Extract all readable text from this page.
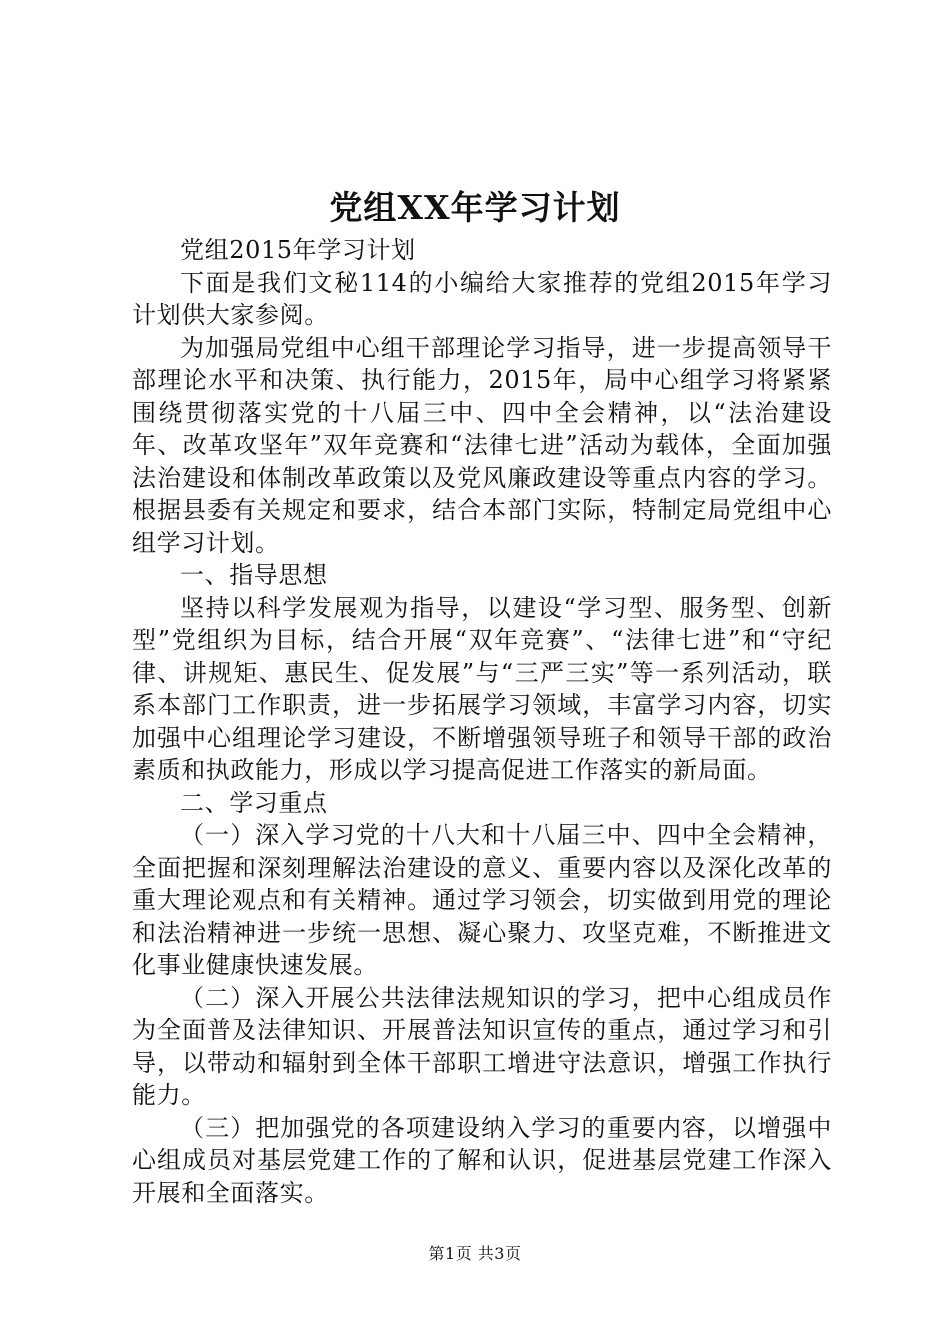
党组XX年学习计划

党组2015年学习计划

下面是我们文秘114的小编给大家推荐的党组2015年学习计划供大家参阅。

为加强局党组中心组干部理论学习指导，进一步提高领导干部理论水平和决策、执行能力，2015年，局中心组学习将紧紧围绕贯彻落实党的十八届三中、四中全会精神，以“法治建设年、改革攻坚年”双年竞赛和“法律七进”活动为载体，全面加强法治建设和体制改革政策以及党风廉政建设等重点内容的学习。根据县委有关规定和要求，结合本部门实际，特制定局党组中心组学习计划。

一、指导思想

坚持以科学发展观为指导，以建设“学习型、服务型、创新型”党组织为目标，结合开展“双年竞赛”、“法律七进”和“守纪律、讲规矩、惠民生、促发展”与“三严三实”等一系列活动，联系本部门工作职责，进一步拓展学习领域，丰富学习内容，切实加强中心组理论学习建设，不断增强领导班子和领导干部的政治素质和执政能力，形成以学习提高促进工作落实的新局面。

二、学习重点

（一）深入学习党的十八大和十八届三中、四中全会精神，全面把握和深刻理解法治建设的意义、重要内容以及深化改革的重大理论观点和有关精神。通过学习领会，切实做到用党的理论和法治精神进一步统一思想、凝心聚力、攻坚克难，不断推进文化事业健康快速发展。

（二）深入开展公共法律法规知识的学习，把中心组成员作为全面普及法律知识、开展普法知识宣传的重点，通过学习和引导，以带动和辐射到全体干部职工增进守法意识，增强工作执行能力。

（三）把加强党的各项建设纳入学习的重要内容，以增强中心组成员对基层党建工作的了解和认识，促进基层党建工作深入开展和全面落实。

第1页 共3页
